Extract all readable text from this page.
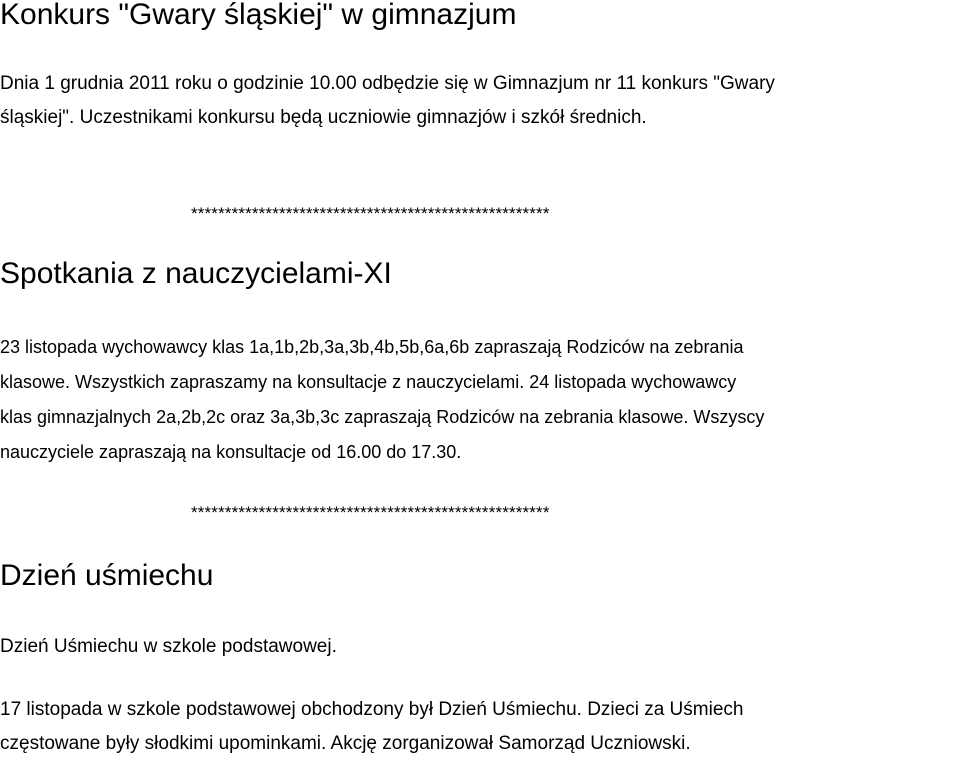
Konkurs "Gwary śląskiej" w gimnazjum

Dnia 1 grudnia 2011 roku o godzinie 10.00 odbędzie się w Gimnazjum nr 11 konkurs "Gwary

śląskiej". Uczestnikami konkursu będą uczniowie gimnazjów i szkół średnich.

*****************************************************
Spotkania z nauczycielami-XI

23 listopada wychowawcy klas 1a,1b,2b,3a,3b,4b,5b,6a,6b zapraszają Rodziców na zebrania

klasowe. Wszystkich zapraszamy na konsultacje z nauczycielami. 24 listopada wychowawcy

klas gimnazjalnych 2a,2b,2c oraz 3a,3b,3c zapraszają Rodziców na zebrania klasowe. Wszyscy

nauczyciele zapraszają na konsultacje od 16.00 do 17.30.

*****************************************************
Dzień uśmiechu

Dzień Uśmiechu w szkole podstawowej.

17 listopada w szkole podstawowej obchodzony był Dzień Uśmiechu. Dzieci za Uśmiech

częstowane były słodkimi upominkami. Akcję zorganizował Samorząd Uczniowski.
